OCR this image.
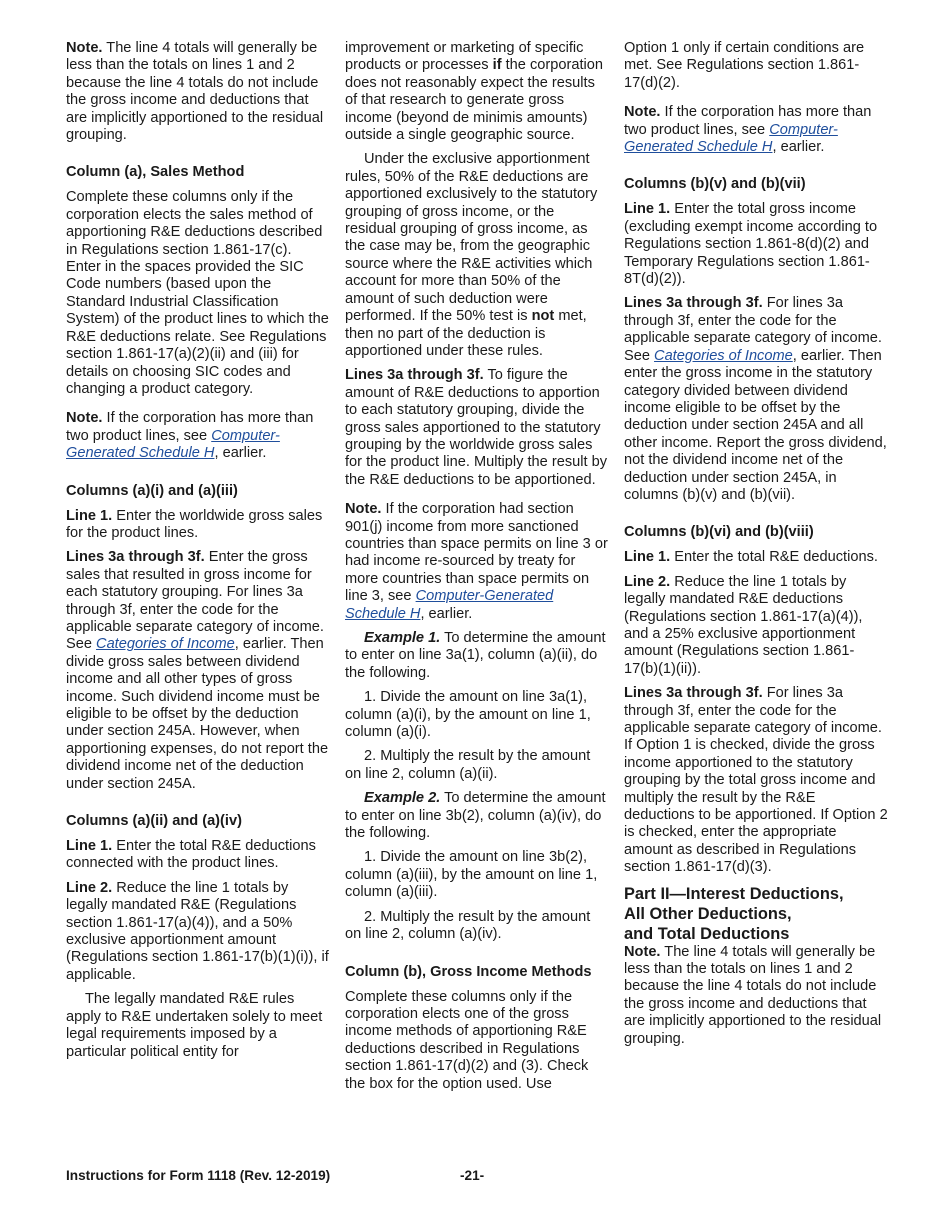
Note. The line 4 totals will generally be less than the totals on lines 1 and 2 because the line 4 totals do not include the gross income and deductions that are implicitly apportioned to the residual grouping.

Column (a), Sales Method

Complete these columns only if the corporation elects the sales method of apportioning R&E deductions described in Regulations section 1.861-17(c). Enter in the spaces provided the SIC Code numbers (based upon the Standard Industrial Classification System) of the product lines to which the R&E deductions relate. See Regulations section 1.861-17(a)(2)(ii) and (iii) for details on choosing SIC codes and changing a product category.

Note. If the corporation has more than two product lines, see Computer-Generated Schedule H, earlier.

Columns (a)(i) and (a)(iii)

Line 1. Enter the worldwide gross sales for the product lines.

Lines 3a through 3f. Enter the gross sales that resulted in gross income for each statutory grouping. For lines 3a through 3f, enter the code for the applicable separate category of income. See Categories of Income, earlier. Then divide gross sales between dividend income and all other types of gross income. Such dividend income must be eligible to be offset by the deduction under section 245A. However, when apportioning expenses, do not report the dividend income net of the deduction under section 245A.

Columns (a)(ii) and (a)(iv)

Line 1. Enter the total R&E deductions connected with the product lines.

Line 2. Reduce the line 1 totals by legally mandated R&E (Regulations section 1.861-17(a)(4)), and a 50% exclusive apportionment amount (Regulations section 1.861-17(b)(1)(i)), if applicable.

The legally mandated R&E rules apply to R&E undertaken solely to meet legal requirements imposed by a particular political entity for

improvement or marketing of specific products or processes if the corporation does not reasonably expect the results of that research to generate gross income (beyond de minimis amounts) outside a single geographic source.

Under the exclusive apportionment rules, 50% of the R&E deductions are apportioned exclusively to the statutory grouping of gross income, or the residual grouping of gross income, as the case may be, from the geographic source where the R&E activities which account for more than 50% of the amount of such deduction were performed. If the 50% test is not met, then no part of the deduction is apportioned under these rules.

Lines 3a through 3f. To figure the amount of R&E deductions to apportion to each statutory grouping, divide the gross sales apportioned to the statutory grouping by the worldwide gross sales for the product line. Multiply the result by the R&E deductions to be apportioned.

Note. If the corporation had section 901(j) income from more sanctioned countries than space permits on line 3 or had income re-sourced by treaty for more countries than space permits on line 3, see Computer-Generated Schedule H, earlier.

Example 1. To determine the amount to enter on line 3a(1), column (a)(ii), do the following.

1. Divide the amount on line 3a(1), column (a)(i), by the amount on line 1, column (a)(i).

2. Multiply the result by the amount on line 2, column (a)(ii).

Example 2. To determine the amount to enter on line 3b(2), column (a)(iv), do the following.

1. Divide the amount on line 3b(2), column (a)(iii), by the amount on line 1, column (a)(iii).

2. Multiply the result by the amount on line 2, column (a)(iv).

Column (b), Gross Income Methods

Complete these columns only if the corporation elects one of the gross income methods of apportioning R&E deductions described in Regulations section 1.861-17(d)(2) and (3). Check the box for the option used. Use

Option 1 only if certain conditions are met. See Regulations section 1.861-17(d)(2).

Note. If the corporation has more than two product lines, see Computer-Generated Schedule H, earlier.

Columns (b)(v) and (b)(vii)

Line 1. Enter the total gross income (excluding exempt income according to Regulations section 1.861-8(d)(2) and Temporary Regulations section 1.861-8T(d)(2)).

Lines 3a through 3f. For lines 3a through 3f, enter the code for the applicable separate category of income. See Categories of Income, earlier. Then enter the gross income in the statutory category divided between dividend income eligible to be offset by the deduction under section 245A and all other income. Report the gross dividend, not the dividend income net of the deduction under section 245A, in columns (b)(v) and (b)(vii).

Columns (b)(vi) and (b)(viii)

Line 1. Enter the total R&E deductions.

Line 2. Reduce the line 1 totals by legally mandated R&E deductions (Regulations section 1.861-17(a)(4)), and a 25% exclusive apportionment amount (Regulations section 1.861-17(b)(1)(ii)).

Lines 3a through 3f. For lines 3a through 3f, enter the code for the applicable separate category of income. If Option 1 is checked, divide the gross income apportioned to the statutory grouping by the total gross income and multiply the result by the R&E deductions to be apportioned. If Option 2 is checked, enter the appropriate amount as described in Regulations section 1.861-17(d)(3).

Part II—Interest Deductions,
All Other Deductions,
and Total Deductions

Note. The line 4 totals will generally be less than the totals on lines 1 and 2 because the line 4 totals do not include the gross income and deductions that are implicitly apportioned to the residual grouping.

Instructions for Form 1118 (Rev. 12-2019)	-21-
